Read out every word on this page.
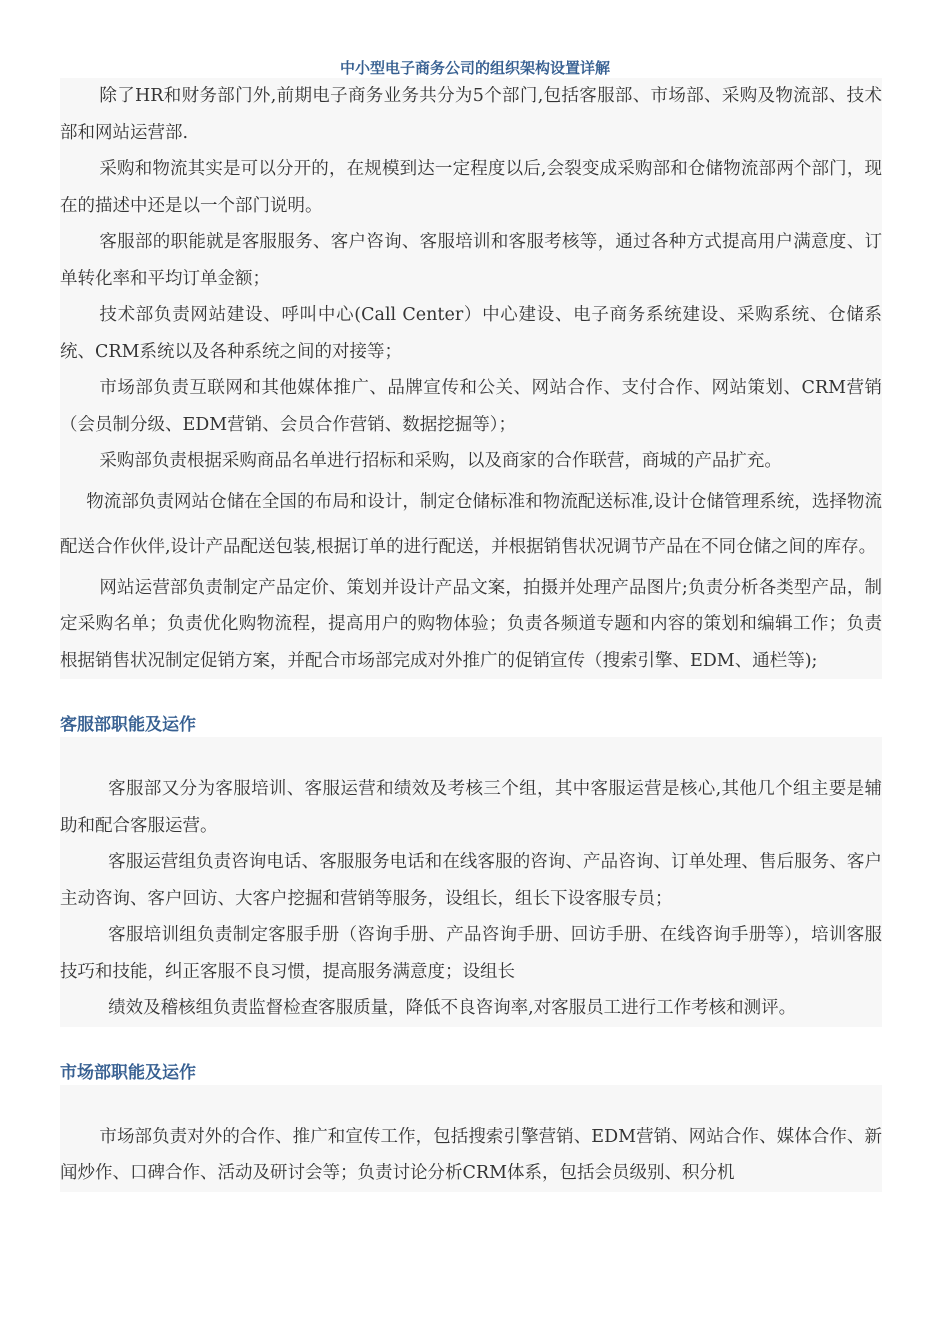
中小型电子商务公司的组织架构设置详解

除了HR和财务部门外,前期电子商务业务共分为5个部门,包括客服部、市场部、采购及物流部、技术部和网站运营部.

采购和物流其实是可以分开的，在规模到达一定程度以后,会裂变成采购部和仓储物流部两个部门，现在的描述中还是以一个部门说明。

客服部的职能就是客服服务、客户咨询、客服培训和客服考核等，通过各种方式提高用户满意度、订单转化率和平均订单金额；

技术部负责网站建设、呼叫中心(Call Center）中心建设、电子商务系统建设、采购系统、仓储系统、CRM系统以及各种系统之间的对接等；

市场部负责互联网和其他媒体推广、品牌宣传和公关、网站合作、支付合作、网站策划、CRM营销（会员制分级、EDM营销、会员合作营销、数据挖掘等）；

采购部负责根据采购商品名单进行招标和采购，以及商家的合作联营，商城的产品扩充。

物流部负责网站仓储在全国的布局和设计，制定仓储标准和物流配送标准,设计仓储管理系统，选择物流配送合作伙伴,设计产品配送包装,根据订单的进行配送，并根据销售状况调节产品在不同仓储之间的库存。

网站运营部负责制定产品定价、策划并设计产品文案，拍摄并处理产品图片;负责分析各类型产品，制定采购名单；负责优化购物流程，提高用户的购物体验；负责各频道专题和内容的策划和编辑工作；负责根据销售状况制定促销方案，并配合市场部完成对外推广的促销宣传（搜索引擎、EDM、通栏等);

客服部职能及运作

客服部又分为客服培训、客服运营和绩效及考核三个组，其中客服运营是核心,其他几个组主要是辅助和配合客服运营。

客服运营组负责咨询电话、客服服务电话和在线客服的咨询、产品咨询、订单处理、售后服务、客户主动咨询、客户回访、大客户挖掘和营销等服务，设组长，组长下设客服专员；

客服培训组负责制定客服手册（咨询手册、产品咨询手册、回访手册、在线咨询手册等），培训客服技巧和技能，纠正客服不良习惯，提高服务满意度；设组长

绩效及稽核组负责监督检查客服质量，降低不良咨询率,对客服员工进行工作考核和测评。

市场部职能及运作

市场部负责对外的合作、推广和宣传工作，包括搜索引擎营销、EDM营销、网站合作、媒体合作、新闻炒作、口碑合作、活动及研讨会等；负责讨论分析CRM体系，包括会员级别、积分机
